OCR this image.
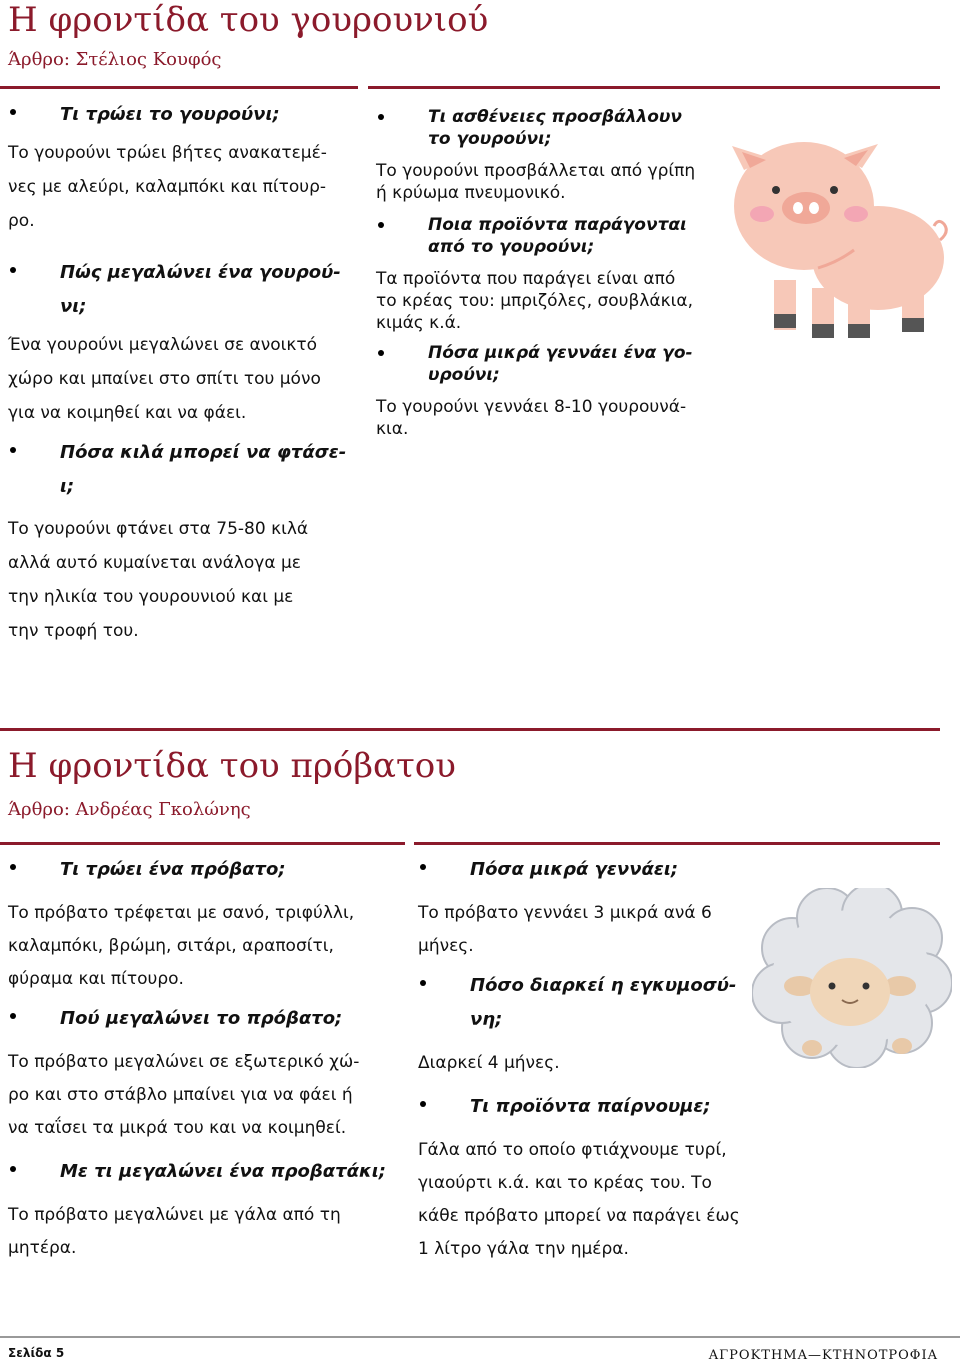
Η φροντίδα του γουρουνιού
Άρθρο: Στέλιος Κουφός
Τι τρώει το γουρούνι;
Το γουρούνι τρώει βήτες ανακατεμέ-
νες με αλεύρι, καλαμπόκι και πίτουρ-
ρο.
Πώς μεγαλώνει ένα γουρού-
νι;
Ένα γουρούνι μεγαλώνει σε ανοικτό
χώρο και μπαίνει στο σπίτι του μόνο
για να κοιμηθεί και να φάει.
Πόσα κιλά μπορεί να φτάσε-
ι;
Το γουρούνι φτάνει στα 75-80 κιλά
αλλά αυτό κυμαίνεται ανάλογα με
την ηλικία του γουρουνιού και με
την τροφή του.
Τι ασθένειες προσβάλλουν
το γουρούνι;
Το γουρούνι προσβάλλεται από γρίπη
ή κρύωμα πνευμονικό.
Ποια προϊόντα παράγονται
από το γουρούνι;
Τα προϊόντα που παράγει είναι από
το κρέας του: μπριζόλες, σουβλάκια,
κιμάς κ.ά.
Πόσα μικρά γεννάει ένα γο-
υρούνι;
Το γουρούνι γεννάει 8-10 γουρουνά-
κια.
Η φροντίδα του πρόβατου
Άρθρο: Ανδρέας Γκολώνης
Τι τρώει ένα πρόβατο;
Το πρόβατο τρέφεται με σανό, τριφύλλι,
καλαμπόκι, βρώμη, σιτάρι, αραποσίτι,
φύραμα και πίτουρο.
Πού μεγαλώνει το πρόβατο;
Το πρόβατο μεγαλώνει σε εξωτερικό χώ-
ρο και στο στάβλο μπαίνει για να φάει ή
να ταΐσει τα μικρά του και να κοιμηθεί.
Με τι μεγαλώνει ένα προβατάκι;
Το πρόβατο μεγαλώνει με γάλα από τη
μητέρα.
Πόσα μικρά γεννάει;
Το πρόβατο γεννάει 3 μικρά ανά 6
μήνες.
Πόσο διαρκεί η εγκυμοσύ-
νη;
Διαρκεί 4 μήνες.
Τι προϊόντα παίρνουμε;
Γάλα από το οποίο φτιάχνουμε τυρί,
γιαούρτι κ.ά. και το κρέας του. Το
κάθε πρόβατο μπορεί να παράγει έως
1 λίτρο γάλα την ημέρα.
Σελίδα 5	ΑΓΡΟΚΤΗΜΑ—ΚΤΗΝΟΤΡΟΦΙΑ
